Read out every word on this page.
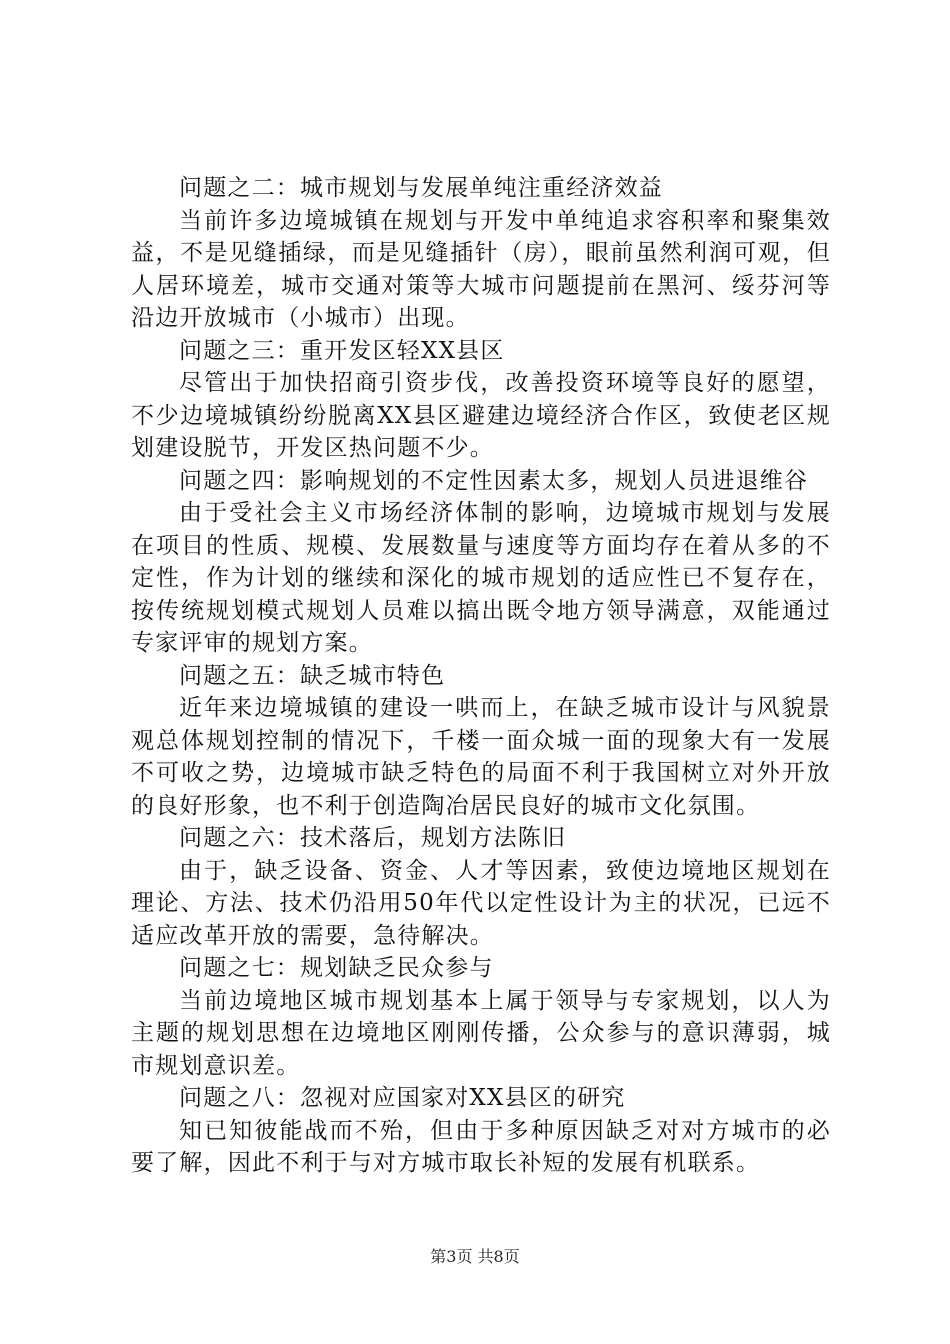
问题之二：城市规划与发展单纯注重经济效益

当前许多边境城镇在规划与开发中单纯追求容积率和聚集效益，不是见缝插绿，而是见缝插针（房），眼前虽然利润可观，但人居环境差，城市交通对策等大城市问题提前在黑河、绥芬河等沿边开放城市（小城市）出现。

问题之三：重开发区轻XX县区

尽管出于加快招商引资步伐，改善投资环境等良好的愿望，不少边境城镇纷纷脱离XX县区避建边境经济合作区，致使老区规划建设脱节，开发区热问题不少。

问题之四：影响规划的不定性因素太多，规划人员进退维谷

由于受社会主义市场经济体制的影响，边境城市规划与发展在项目的性质、规模、发展数量与速度等方面均存在着从多的不定性，作为计划的继续和深化的城市规划的适应性已不复存在，按传统规划模式规划人员难以搞出既令地方领导满意，双能通过专家评审的规划方案。

问题之五：缺乏城市特色

近年来边境城镇的建设一哄而上，在缺乏城市设计与风貌景观总体规划控制的情况下，千楼一面众城一面的现象大有一发展不可收之势，边境城市缺乏特色的局面不利于我国树立对外开放的良好形象，也不利于创造陶冶居民良好的城市文化氛围。

问题之六：技术落后，规划方法陈旧

由于，缺乏设备、资金、人才等因素，致使边境地区规划在理论、方法、技术仍沿用50年代以定性设计为主的状况，已远不适应改革开放的需要，急待解决。

问题之七：规划缺乏民众参与

当前边境地区城市规划基本上属于领导与专家规划，以人为主题的规划思想在边境地区刚刚传播，公众参与的意识薄弱，城市规划意识差。

问题之八：忽视对应国家对XX县区的研究

知已知彼能战而不殆，但由于多种原因缺乏对对方城市的必要了解，因此不利于与对方城市取长补短的发展有机联系。

第3页 共8页
